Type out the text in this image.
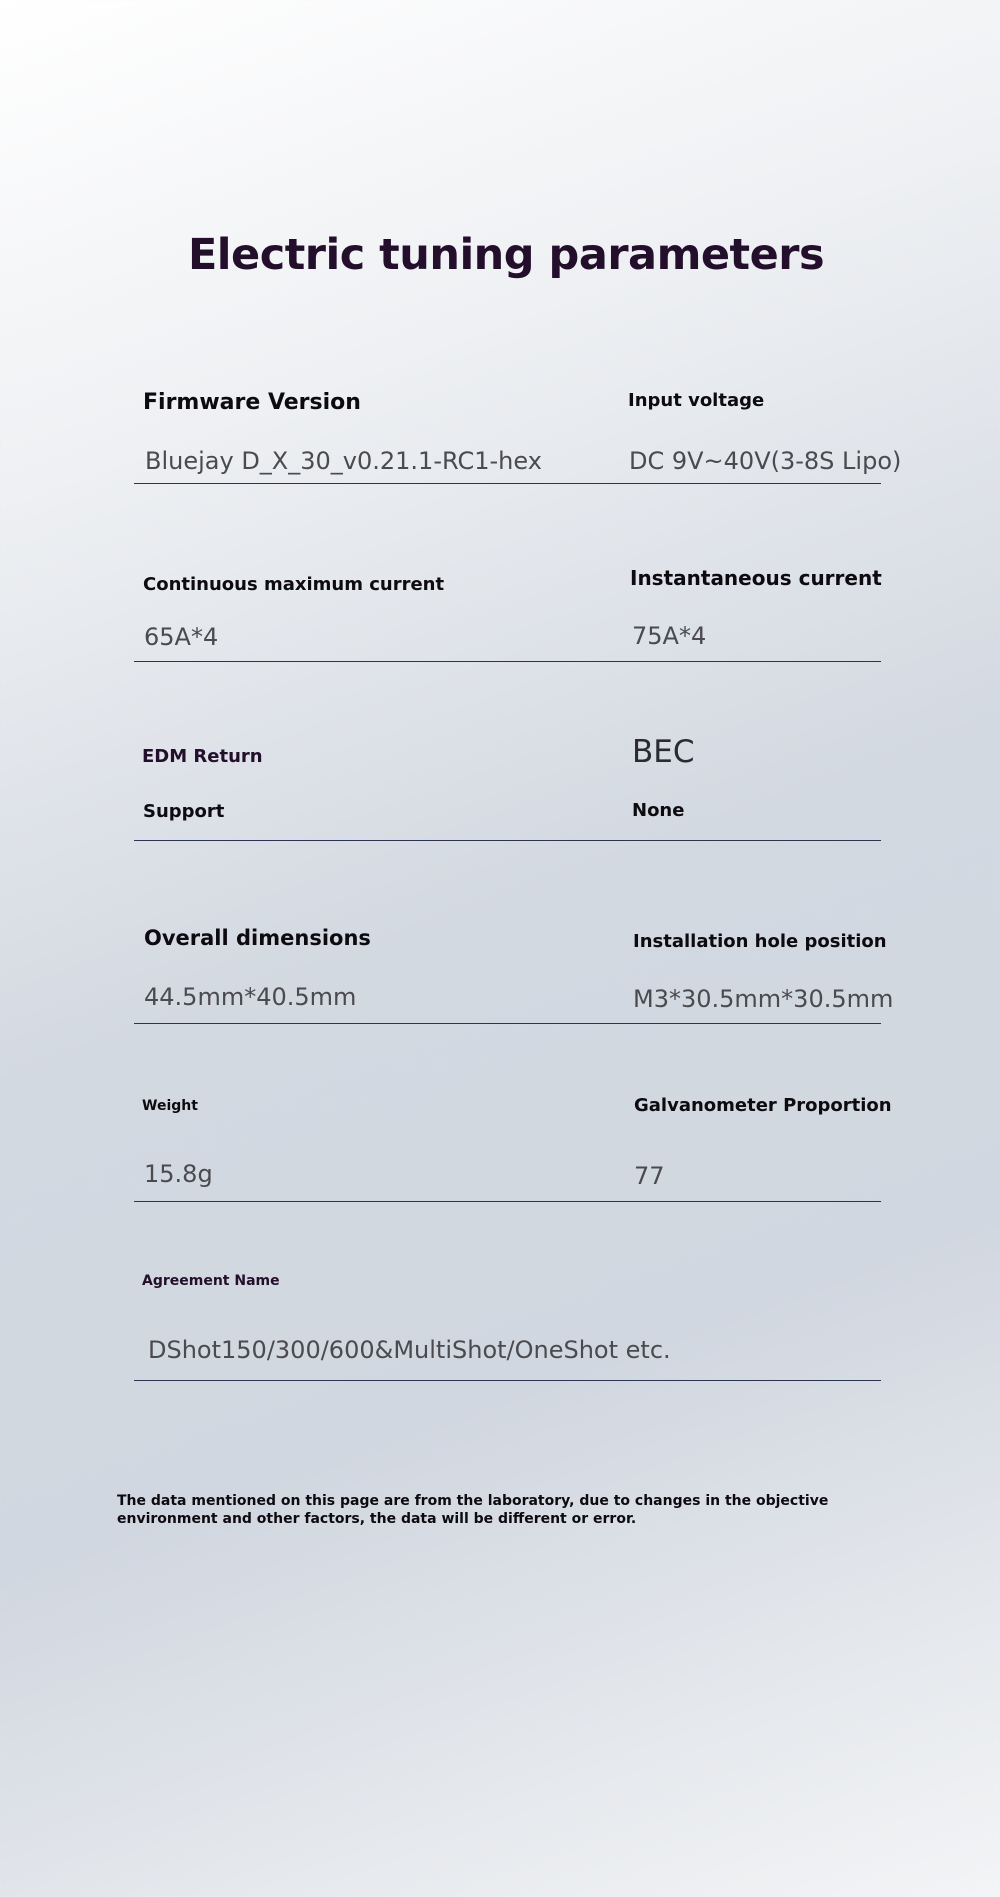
Electric tuning parameters
Firmware Version
Bluejay D_X_30_v0.21.1-RC1-hex
Input voltage
DC 9V~40V(3-8S Lipo)
Continuous maximum current
65A*4
Instantaneous current
75A*4
EDM Return
Support
BEC
None
Overall dimensions
44.5mm*40.5mm
Installation hole position
M3*30.5mm*30.5mm
Weight
15.8g
Galvanometer Proportion
77
Agreement Name
DShot150/300/600&MultiShot/OneShot etc.
The data mentioned on this page are from the laboratory, due to changes in the objective environment and other factors, the data will be different or error.
